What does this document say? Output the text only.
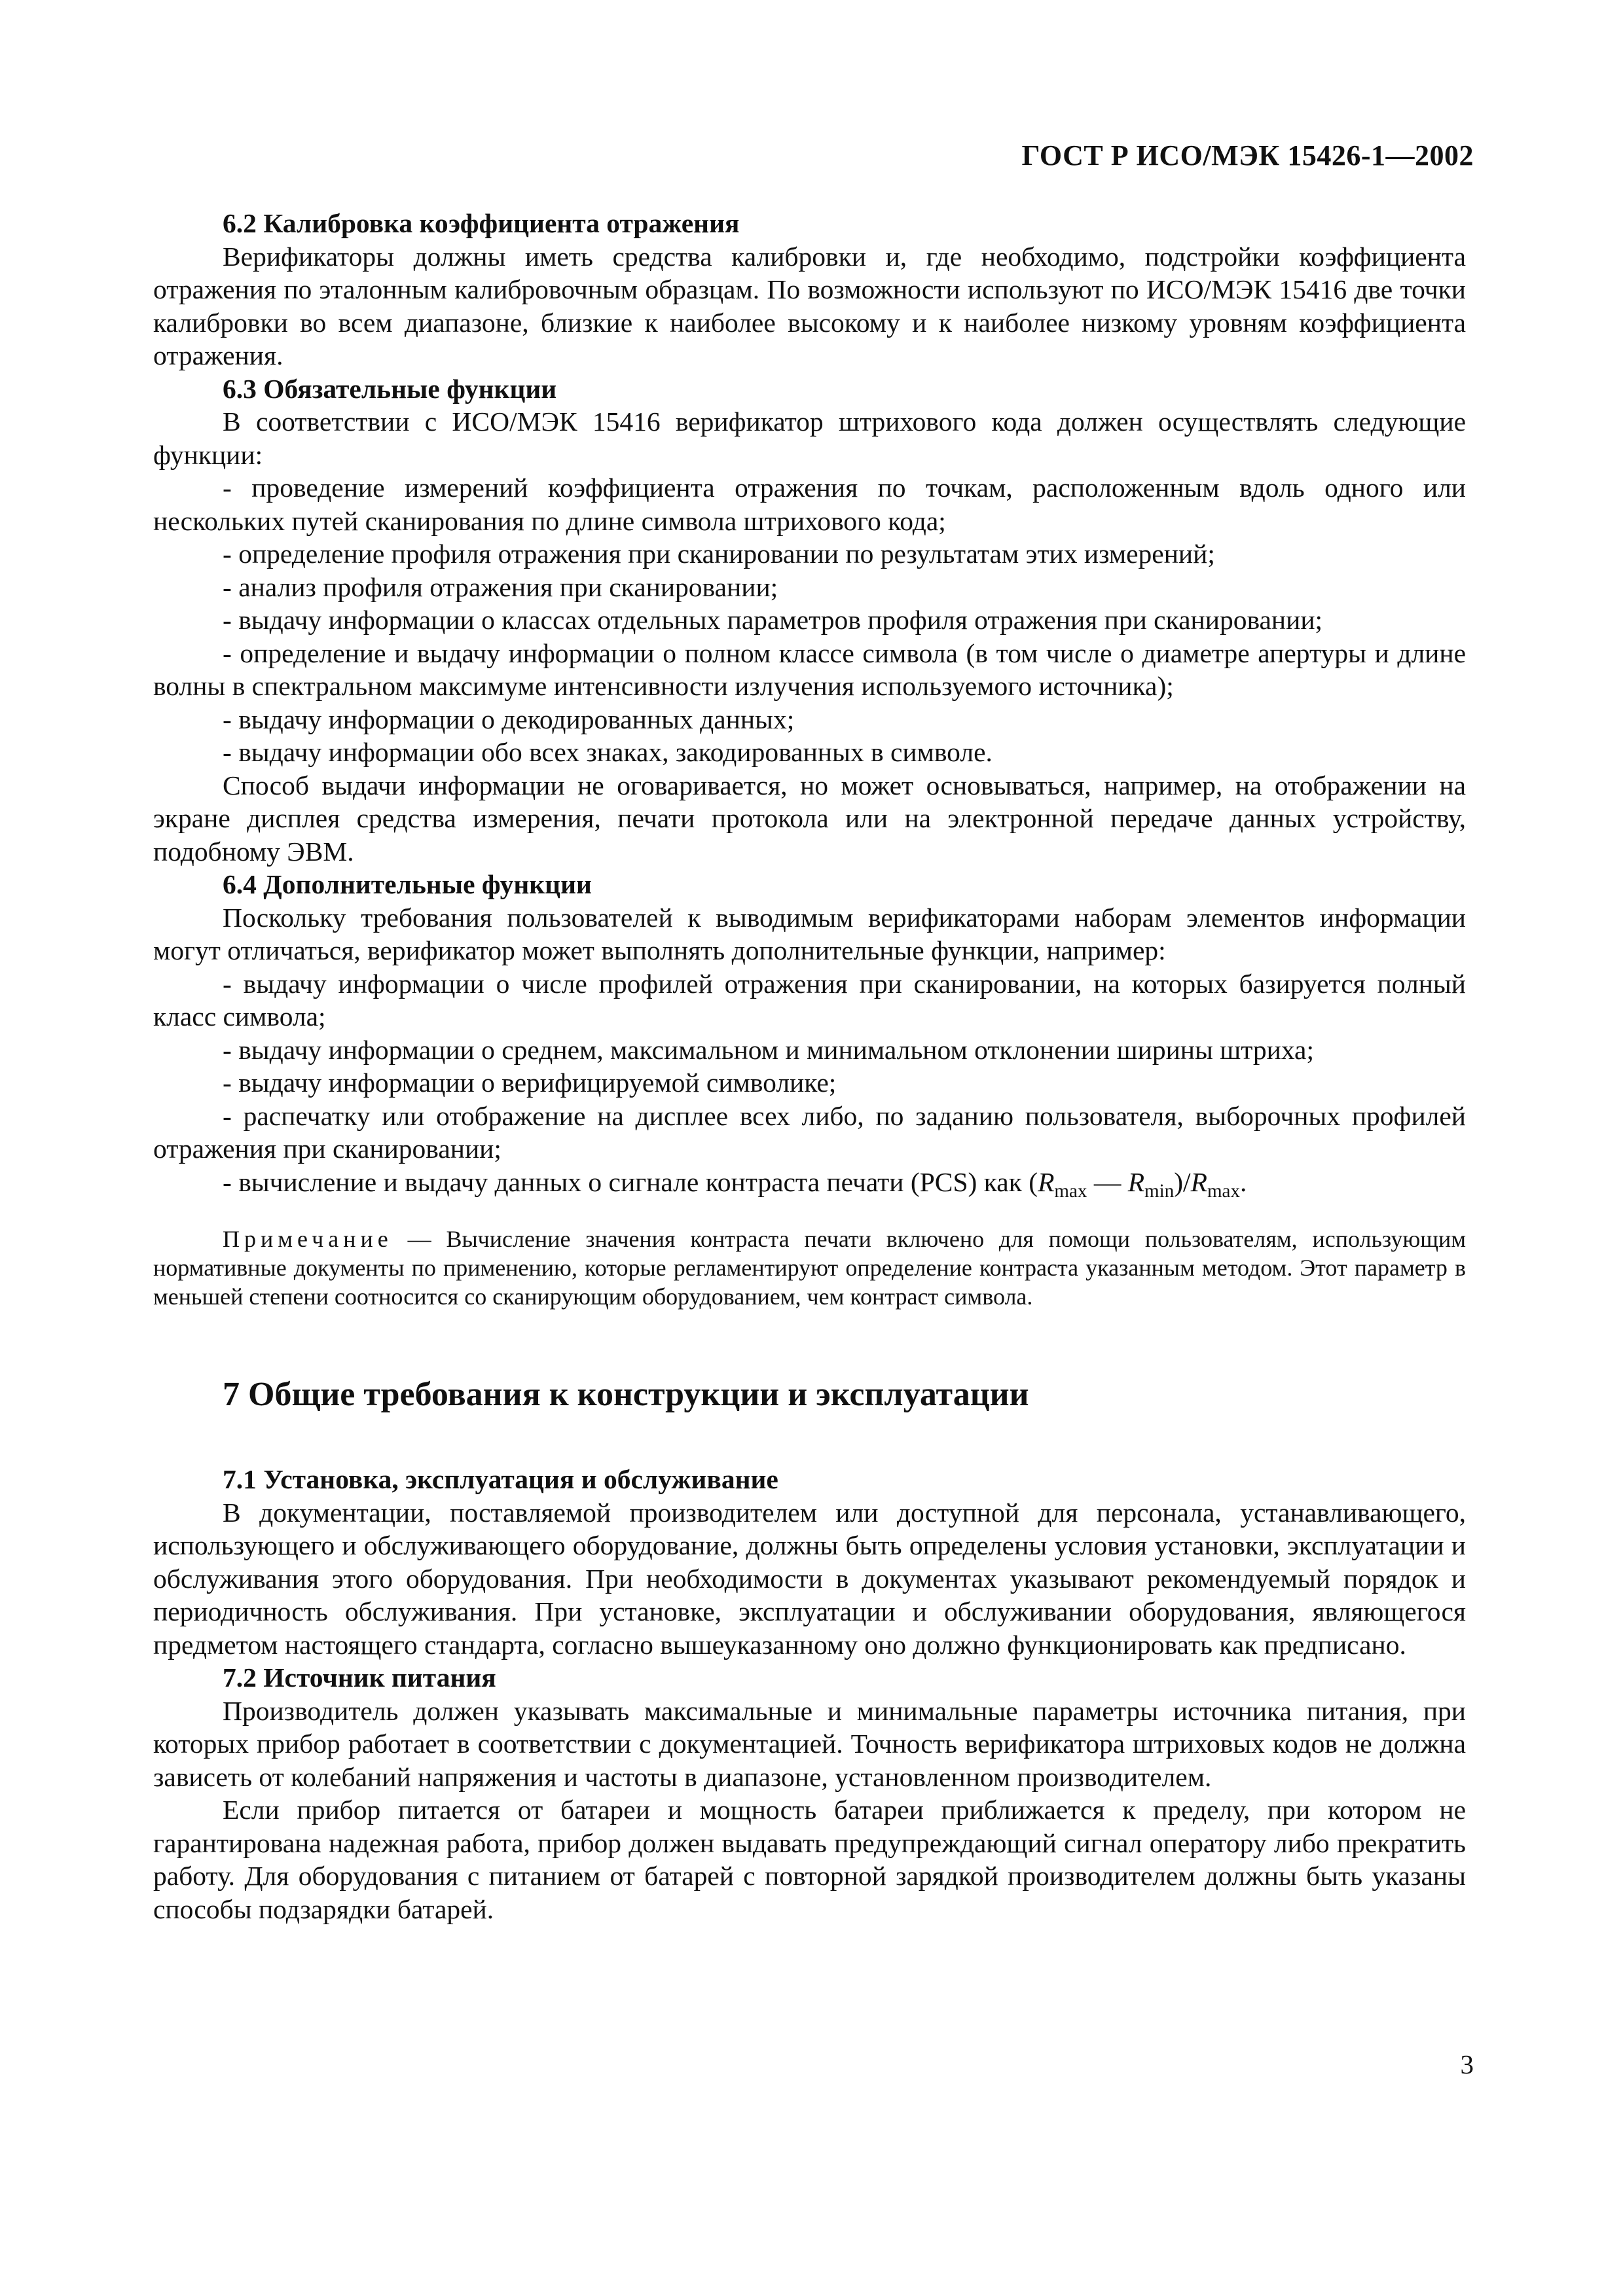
ГОСТ Р ИСО/МЭК 15426-1—2002

6.2 Калибровка коэффициента отражения

Верификаторы должны иметь средства калибровки и, где необходимо, подстройки коэффициента отражения по эталонным калибровочным образцам. По возможности используют по ИСО/МЭК 15416 две точки калибровки во всем диапазоне, близкие к наиболее высокому и к наиболее низкому уровням коэффициента отражения.

6.3 Обязательные функции

В соответствии с ИСО/МЭК 15416 верификатор штрихового кода должен осуществлять следующие функции:

- проведение измерений коэффициента отражения по точкам, расположенным вдоль одного или нескольких путей сканирования по длине символа штрихового кода;

- определение профиля отражения при сканировании по результатам этих измерений;

- анализ профиля отражения при сканировании;

- выдачу информации о классах отдельных параметров профиля отражения при сканировании;

- определение и выдачу информации о полном классе символа (в том числе о диаметре апертуры и длине волны в спектральном максимуме интенсивности излучения используемого источника);

- выдачу информации о декодированных данных;

- выдачу информации обо всех знаках, закодированных в символе.

Способ выдачи информации не оговаривается, но может основываться, например, на отображении на экране дисплея средства измерения, печати протокола или на электронной передаче данных устройству, подобному ЭВМ.

6.4 Дополнительные функции

Поскольку требования пользователей к выводимым верификаторами наборам элементов информации могут отличаться, верификатор может выполнять дополнительные функции, например:

- выдачу информации о числе профилей отражения при сканировании, на которых базируется полный класс символа;

- выдачу информации о среднем, максимальном и минимальном отклонении ширины штриха;

- выдачу информации о верифицируемой символике;

- распечатку или отображение на дисплее всех либо, по заданию пользователя, выборочных профилей отражения при сканировании;

- вычисление и выдачу данных о сигнале контраста печати (PCS) как ($R_{max}$ — $R_{min})/R_{max}$.

Примечание — Вычисление значения контраста печати включено для помощи пользователям, использующим нормативные документы по применению, которые регламентируют определение контраста указанным методом. Этот параметр в меньшей степени соотносится со сканирующим оборудованием, чем контраст символа.

7 Общие требования к конструкции и эксплуатации

7.1 Установка, эксплуатация и обслуживание

В документации, поставляемой производителем или доступной для персонала, устанавливающего, использующего и обслуживающего оборудование, должны быть определены условия установки, эксплуатации и обслуживания этого оборудования. При необходимости в документах указывают рекомендуемый порядок и периодичность обслуживания. При установке, эксплуатации и обслуживании оборудования, являющегося предметом настоящего стандарта, согласно вышеуказанному оно должно функционировать как предписано.

7.2 Источник питания

Производитель должен указывать максимальные и минимальные параметры источника питания, при которых прибор работает в соответствии с документацией. Точность верификатора штриховых кодов не должна зависеть от колебаний напряжения и частоты в диапазоне, установленном производителем.

Если прибор питается от батареи и мощность батареи приближается к пределу, при котором не гарантирована надежная работа, прибор должен выдавать предупреждающий сигнал оператору либо прекратить работу. Для оборудования с питанием от батарей с повторной зарядкой производителем должны быть указаны способы подзарядки батарей.

3
